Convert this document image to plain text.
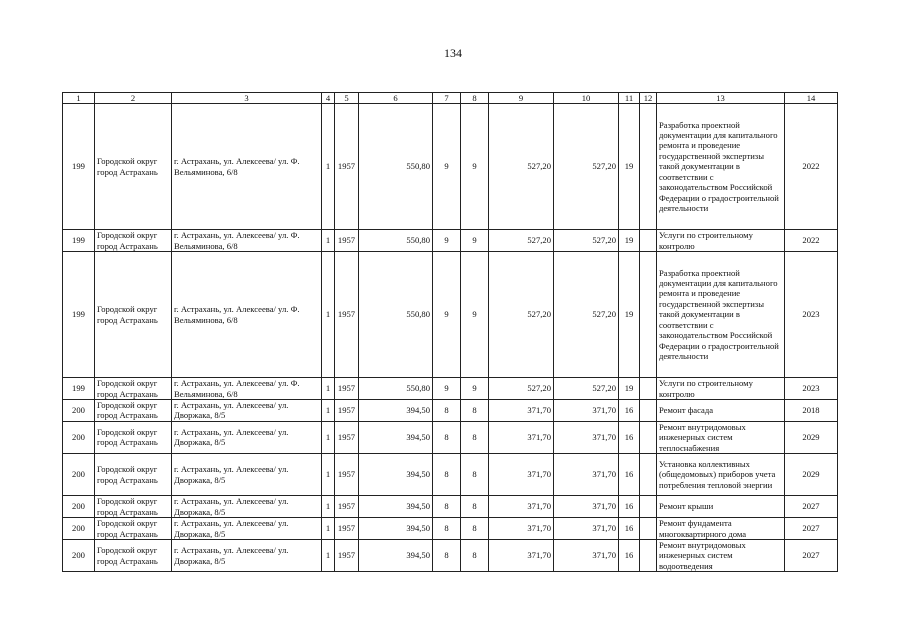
134
1	2	3	4	5	6	7	8	9	10	11	12	13	14
199	Городской округ город Астрахань	г. Астрахань, ул. Алексеева/ ул. Ф. Вельяминова, 6/8	1	1957	550,80	9	9	527,20	527,20	19		Разработка проектной документации для капитального ремонта и проведение государственной экспертизы такой документации в соответствии с законодательством Российской Федерации о градостроительной деятельности	2022
199	Городской округ город Астрахань	г. Астрахань, ул. Алексеева/ ул. Ф. Вельяминова, 6/8	1	1957	550,80	9	9	527,20	527,20	19		Услуги по строительному контролю	2022
199	Городской округ город Астрахань	г. Астрахань, ул. Алексеева/ ул. Ф. Вельяминова, 6/8	1	1957	550,80	9	9	527,20	527,20	19		Разработка проектной документации для капитального ремонта и проведение государственной экспертизы такой документации в соответствии с законодательством Российской Федерации о градостроительной деятельности	2023
199	Городской округ город Астрахань	г. Астрахань, ул. Алексеева/ ул. Ф. Вельяминова, 6/8	1	1957	550,80	9	9	527,20	527,20	19		Услуги по строительному контролю	2023
200	Городской округ город Астрахань	г. Астрахань, ул. Алексеева/ ул. Дворжака, 8/5	1	1957	394,50	8	8	371,70	371,70	16		Ремонт фасада	2018
200	Городской округ город Астрахань	г. Астрахань, ул. Алексеева/ ул. Дворжака, 8/5	1	1957	394,50	8	8	371,70	371,70	16		Ремонт внутридомовых инженерных систем теплоснабжения	2029
200	Городской округ город Астрахань	г. Астрахань, ул. Алексеева/ ул. Дворжака, 8/5	1	1957	394,50	8	8	371,70	371,70	16		Установка коллективных (общедомовых) приборов учета потребления тепловой энергии	2029
200	Городской округ город Астрахань	г. Астрахань, ул. Алексеева/ ул. Дворжака, 8/5	1	1957	394,50	8	8	371,70	371,70	16		Ремонт крыши	2027
200	Городской округ город Астрахань	г. Астрахань, ул. Алексеева/ ул. Дворжака, 8/5	1	1957	394,50	8	8	371,70	371,70	16		Ремонт фундамента многоквартирного дома	2027
200	Городской округ город Астрахань	г. Астрахань, ул. Алексеева/ ул. Дворжака, 8/5	1	1957	394,50	8	8	371,70	371,70	16		Ремонт внутридомовых инженерных систем водоотведения	2027
